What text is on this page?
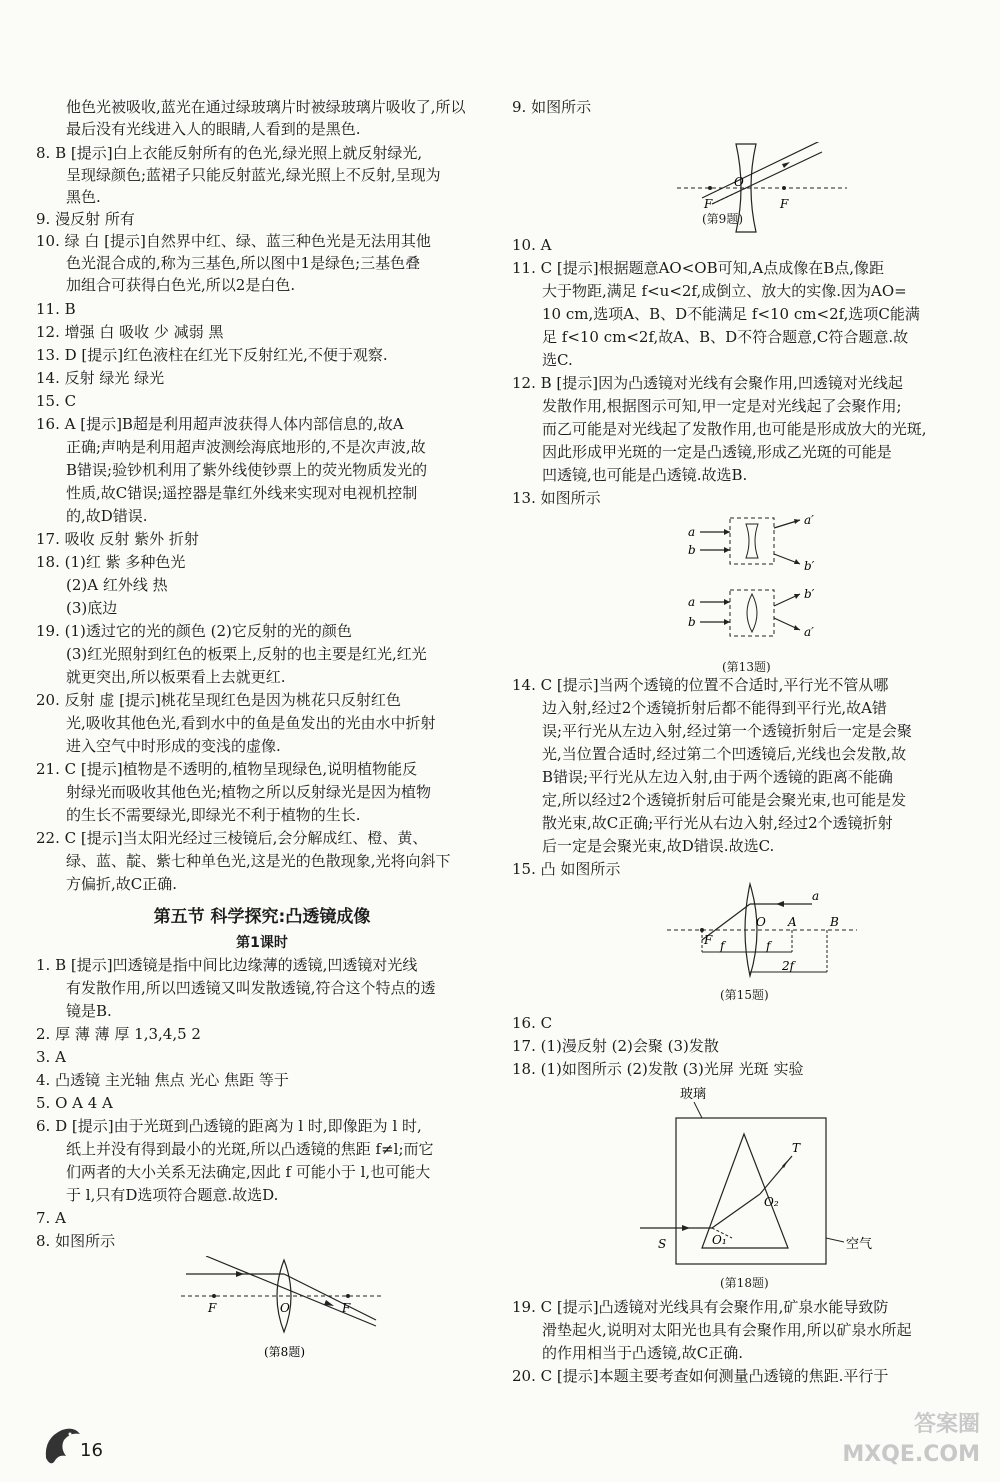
他色光被吸收,蓝光在通过绿玻璃片时被绿玻璃片吸收了,所以
最后没有光线进入人的眼睛,人看到的是黑色.
8. B [提示]白上衣能反射所有的色光,绿光照上就反射绿光,
呈现绿颜色;蓝裙子只能反射蓝光,绿光照上不反射,呈现为
黑色.
9. 漫反射 所有
10. 绿 白 [提示]自然界中红、绿、蓝三种色光是无法用其他
色光混合成的,称为三基色,所以图中1是绿色;三基色叠
加组合可获得白色光,所以2是白色.
11. B
12. 增强 白 吸收 少 减弱 黑
13. D [提示]红色液柱在红光下反射红光,不便于观察.
14. 反射 绿光 绿光
15. C
16. A [提示]B超是利用超声波获得人体内部信息的,故A
正确;声呐是利用超声波测绘海底地形的,不是次声波,故
B错误;验钞机利用了紫外线使钞票上的荧光物质发光的
性质,故C错误;遥控器是靠红外线来实现对电视机控制
的,故D错误.
17. 吸收 反射 紫外 折射
18. (1)红 紫 多种色光
(2)A 红外线 热
(3)底边
19. (1)透过它的光的颜色 (2)它反射的光的颜色
(3)红光照射到红色的板栗上,反射的也主要是红光,红光
就更突出,所以板栗看上去就更红.
20. 反射 虚 [提示]桃花呈现红色是因为桃花只反射红色
光,吸收其他色光,看到水中的鱼是鱼发出的光由水中折射
进入空气中时形成的变浅的虚像.
21. C [提示]植物是不透明的,植物呈现绿色,说明植物能反
射绿光而吸收其他色光;植物之所以反射绿光是因为植物
的生长不需要绿光,即绿光不利于植物的生长.
22. C [提示]当太阳光经过三棱镜后,会分解成红、橙、黄、
绿、蓝、靛、紫七种单色光,这是光的色散现象,光将向斜下
方偏折,故C正确.
第五节 科学探究:凸透镜成像
第1课时
1. B [提示]凹透镜是指中间比边缘薄的透镜,凹透镜对光线
有发散作用,所以凹透镜又叫发散透镜,符合这个特点的透
镜是B.
2. 厚 薄 薄 厚 1,3,4,5 2
3. A
4. 凸透镜 主光轴 焦点 光心 焦距 等于
5. O A 4 A
6. D [提示]由于光斑到凸透镜的距离为 l 时,即像距为 l 时,
纸上并没有得到最小的光斑,所以凸透镜的焦距 f≠l;而它
们两者的大小关系无法确定,因此 f 可能小于 l,也可能大
于 l,只有D选项符合题意.故选D.
7. A
8. 如图所示
F	O	F
(第8题)
9. 如图所示
F
O
F
(第9题)
10. A
11. C [提示]根据题意AO<OB可知,A点成像在B点,像距
大于物距,满足 f<u<2f,成倒立、放大的实像.因为AO=
10 cm,选项A、B、D不能满足 f<10 cm<2f,选项C能满
足 f<10 cm<2f,故A、B、D不符合题意,C符合题意.故
选C.
12. B [提示]因为凸透镜对光线有会聚作用,凹透镜对光线起
发散作用,根据图示可知,甲一定是对光线起了会聚作用;
而乙可能是对光线起了发散作用,也可能是形成放大的光斑,
因此形成甲光斑的一定是凸透镜,形成乙光斑的可能是
凹透镜,也可能是凸透镜.故选B.
13. 如图所示
a
b
a′
b′
a
b
b′
a′
(第13题)
14. C [提示]当两个透镜的位置不合适时,平行光不管从哪
边入射,经过2个透镜折射后都不能得到平行光,故A错
误;平行光从左边入射,经过第一个透镜折射后一定是会聚
光,当位置合适时,经过第二个凹透镜后,光线也会发散,故
B错误;平行光从左边入射,由于两个透镜的距离不能确
定,所以经过2个透镜折射后可能是会聚光束,也可能是发
散光束,故C正确;平行光从右边入射,经过2个透镜折射
后一定是会聚光束,故D错误.故选C.
15. 凸 如图所示
a
O A	B
F f	f
2f
(第15题)
16. C
17. (1)漫反射 (2)会聚 (3)发散
18. (1)如图所示 (2)发散 (3)光屏 光斑 实验
玻璃
S
T
O₁
O₂
空气
(第18题)
19. C [提示]凸透镜对光线具有会聚作用,矿泉水能导致防
滑垫起火,说明对太阳光也具有会聚作用,所以矿泉水所起
的作用相当于凸透镜,故C正确.
20. C [提示]本题主要考查如何测量凸透镜的焦距.平行于
16
答案圈 MXQE.COM
